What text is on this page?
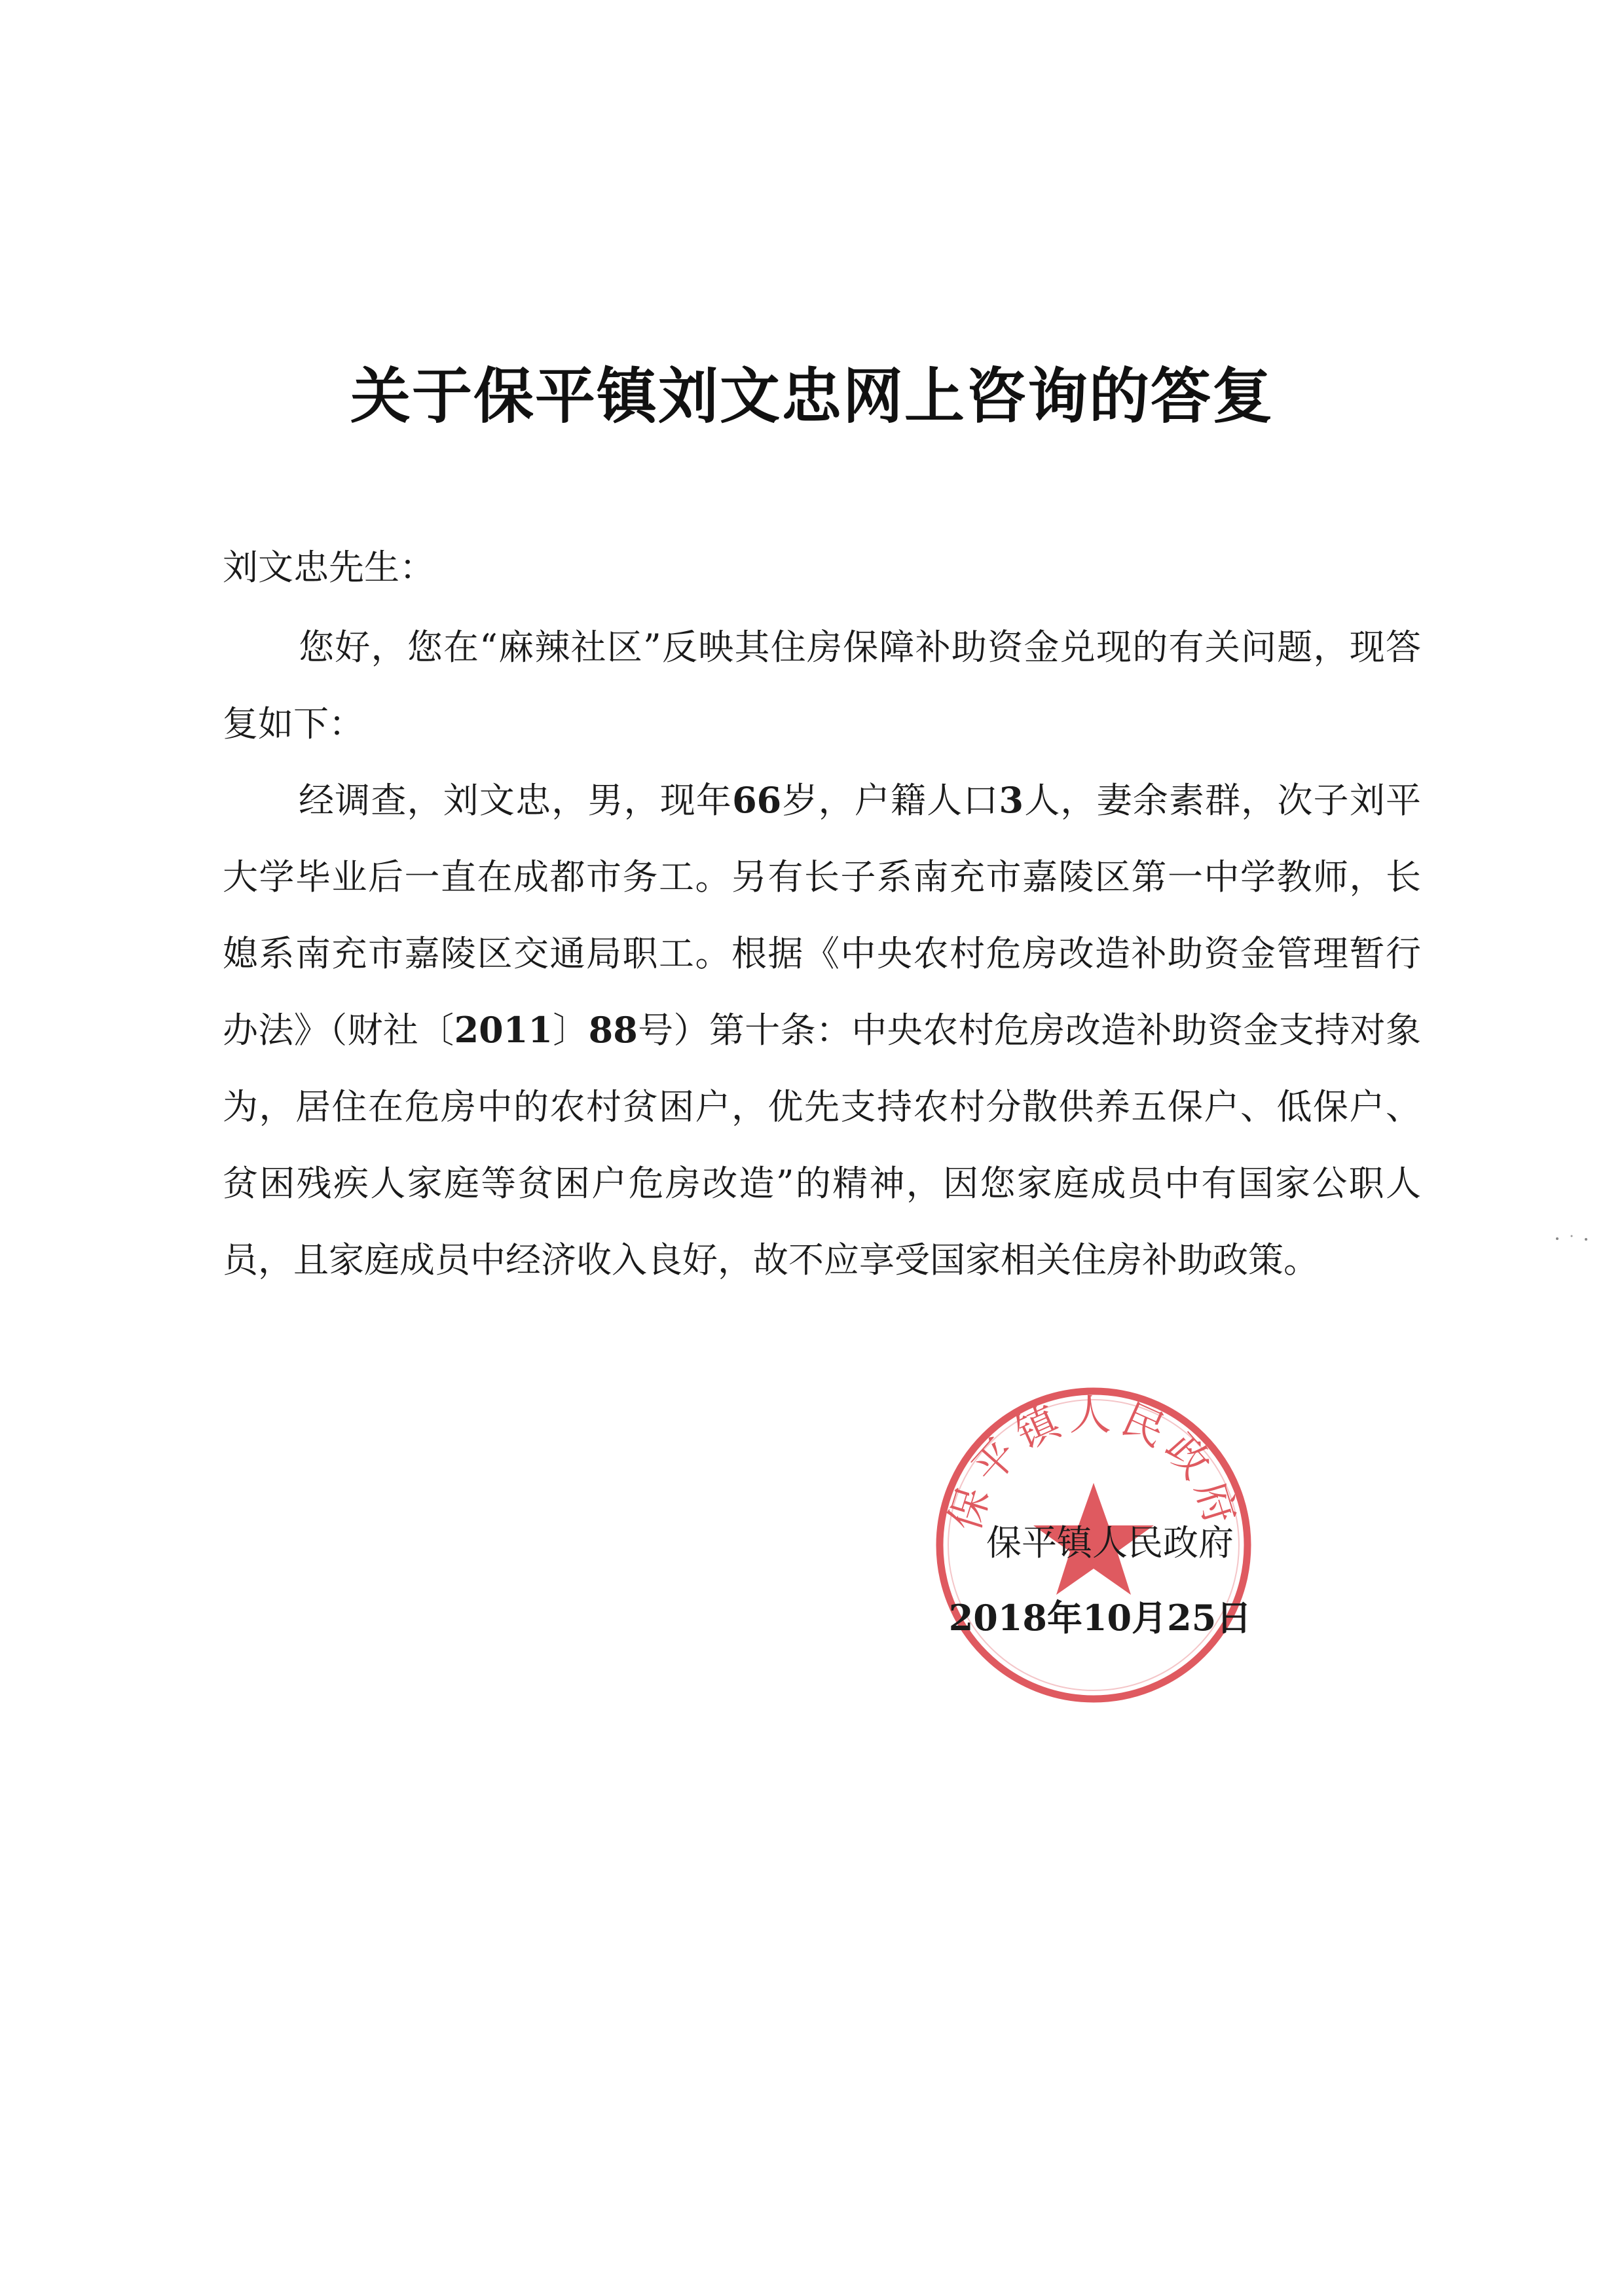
关于保平镇刘文忠网上咨询的答复
刘文忠先生：

您好，您在“麻辣社区”反映其住房保障补助资金兑现的有关问题，现答复如下：

经调查，刘文忠，男，现年66岁，户籍人口3人，妻余素群，次子刘平大学毕业后一直在成都市务工。另有长子系南充市嘉陵区第一中学教师，长媳系南充市嘉陵区交通局职工。根据《中央农村危房改造补助资金管理暂行办法》（财社〔2011〕88号）第十条：中央农村危房改造补助资金支持对象为，居住在危房中的农村贫困户，优先支持农村分散供养五保户、低保户、贫困残疾人家庭等贫困户危房改造”的精神，因您家庭成员中有国家公职人员，且家庭成员中经济收入良好，故不应享受国家相关住房补助政策。

保平镇人民政府
保平镇人民政府
2018年10月25日
